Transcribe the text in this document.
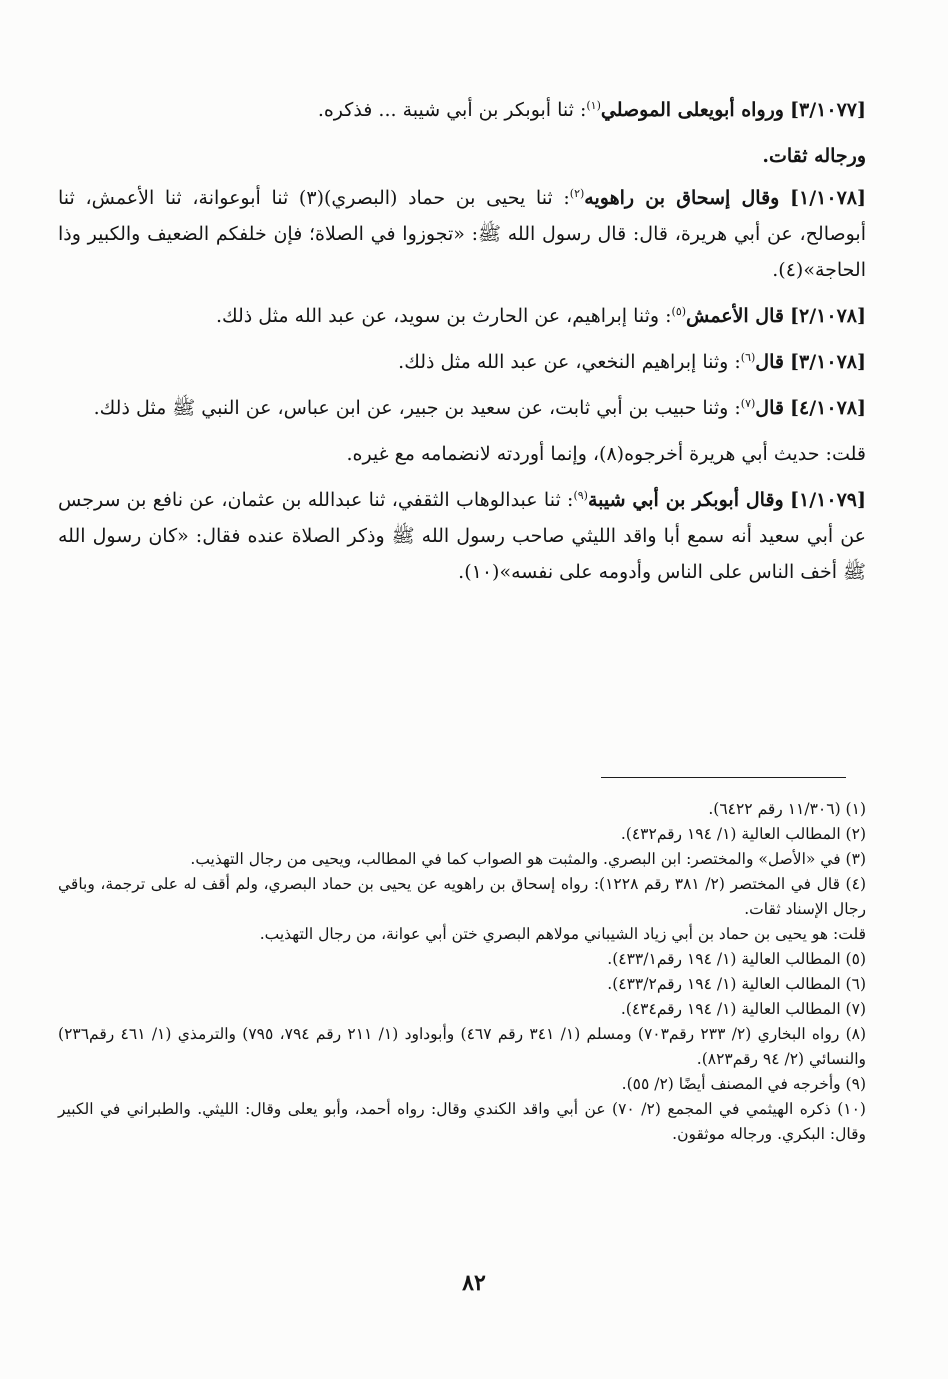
[٣/١٠٧٧] ورواه أبويعلى الموصلي$^{(١)}$: ثنا أبوبكر بن أبي شيبة ... فذكره.

ورجاله ثقات.

[١/١٠٧٨] وقال إسحاق بن راهويه$^{(٢)}$: ثنا يحيى بن حماد (البصري)(٣) ثنا أبوعوانة، ثنا الأعمش، ثنا أبوصالح، عن أبي هريرة، قال: قال رسول الله ﷺ: «تجوزوا في الصلاة؛ فإن خلفكم الضعيف والكبير وذا الحاجة»(٤).

[٢/١٠٧٨] قال الأعمش$^{(٥)}$: وثنا إبراهيم، عن الحارث بن سويد، عن عبد الله مثل ذلك.

[٣/١٠٧٨] قال$^{(٦)}$: وثنا إبراهيم النخعي، عن عبد الله مثل ذلك.

[٤/١٠٧٨] قال$^{(٧)}$: وثنا حبيب بن أبي ثابت، عن سعيد بن جبير، عن ابن عباس، عن النبي ﷺ مثل ذلك.

قلت: حديث أبي هريرة أخرجوه(٨)، وإنما أوردته لانضمامه مع غيره.

[١/١٠٧٩] وقال أبوبكر بن أبي شيبة$^{(٩)}$: ثنا عبدالوهاب الثقفي، ثنا عبدالله بن عثمان، عن نافع بن سرجس عن أبي سعيد أنه سمع أبا واقد الليثي صاحب رسول الله ﷺ وذكر الصلاة عنده فقال: «كان رسول الله ﷺ أخف الناس على الناس وأدومه على نفسه»(١٠).

(١) (١١/٣٠٦ رقم ٦٤٢٢).

(٢) المطالب العالية (١/ ١٩٤ رقم٤٣٢).

(٣) في «الأصل» والمختصر: ابن البصري. والمثبت هو الصواب كما في المطالب، ويحيى من رجال التهذيب.

(٤) قال في المختصر (٢/ ٣٨١ رقم ١٢٢٨): رواه إسحاق بن راهويه عن يحيى بن حماد البصري، ولم أقف له على ترجمة، وباقي رجال الإسناد ثقات.

قلت: هو يحيى بن حماد بن أبي زياد الشيباني مولاهم البصري ختن أبي عوانة، من رجال التهذيب.

(٥) المطالب العالية (١/ ١٩٤ رقم٤٣٣/١).

(٦) المطالب العالية (١/ ١٩٤ رقم٤٣٣/٢).

(٧) المطالب العالية (١/ ١٩٤ رقم٤٣٤).

(٨) رواه البخاري (٢/ ٢٣٣ رقم٧٠٣) ومسلم (١/ ٣٤١ رقم ٤٦٧) وأبوداود (١/ ٢١١ رقم ٧٩٤، ٧٩٥) والترمذي (١/ ٤٦١ رقم٢٣٦) والنسائي (٢/ ٩٤ رقم٨٢٣).

(٩) وأخرجه في المصنف أيضًا (٢/ ٥٥).

(١٠) ذكره الهيثمي في المجمع (٢/ ٧٠) عن أبي واقد الكندي وقال: رواه أحمد، وأبو يعلى وقال: الليثي. والطبراني في الكبير وقال: البكري. ورجاله موثقون.

٨٢
